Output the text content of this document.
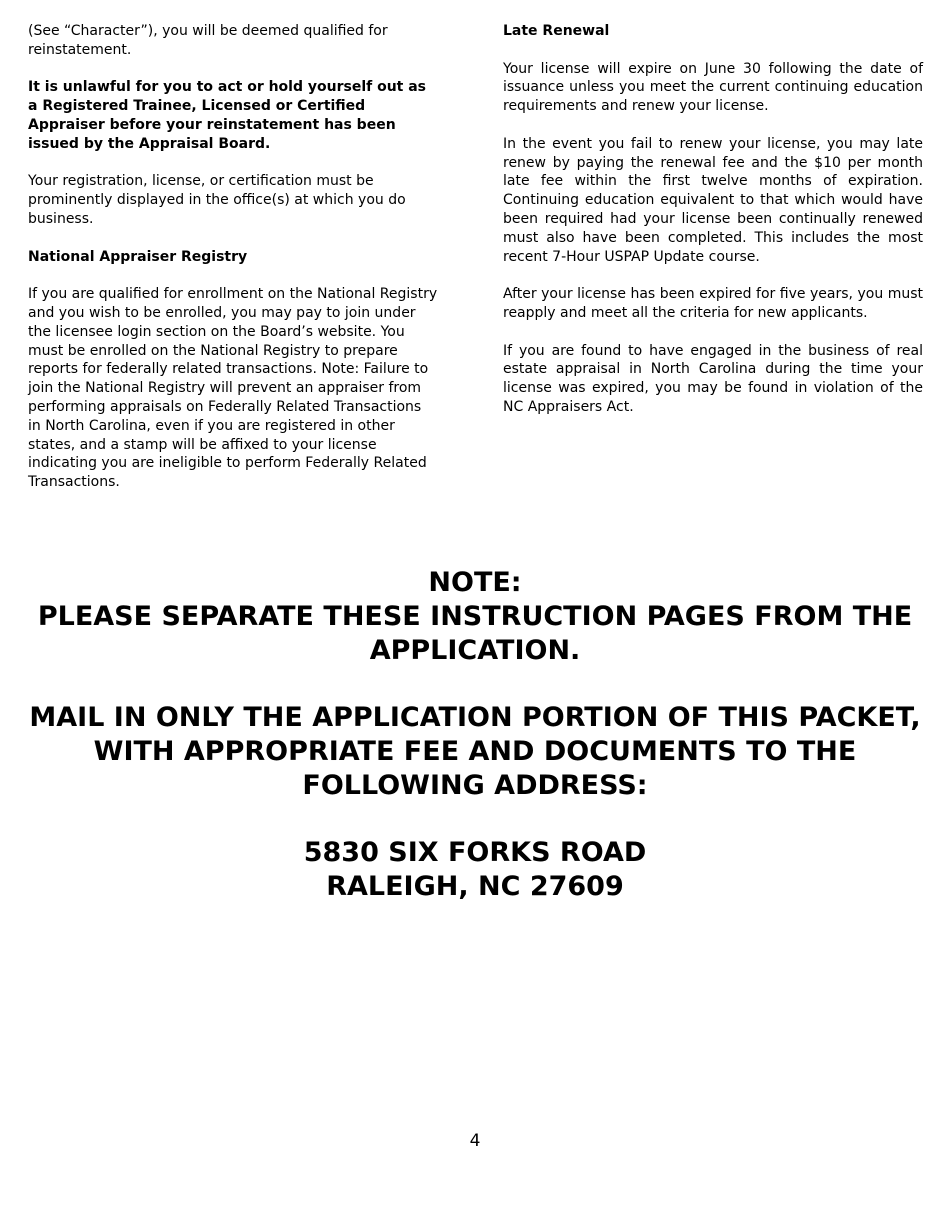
(See “Character”), you will be deemed qualified for reinstatement.

It is unlawful for you to act or hold yourself out as a Registered Trainee, Licensed or Certified Appraiser before your reinstatement has been issued by the Appraisal Board.

Your registration, license, or certification must be prominently displayed in the office(s) at which you do business.

National Appraiser Registry

If you are qualified for enrollment on the National Registry and you wish to be enrolled, you may pay to join under the licensee login section on the Board’s website. You must be enrolled on the National Registry to prepare reports for federally related transactions. Note: Failure to join the National Registry will prevent an appraiser from performing appraisals on Federally Related Transactions in North Carolina, even if you are registered in other states, and a stamp will be affixed to your license indicating you are ineligible to perform Federally Related Transactions.

Late Renewal

Your license will expire on June 30 following the date of issuance unless you meet the current continuing education requirements and renew your license.

In the event you fail to renew your license, you may late renew by paying the renewal fee and the $10 per month late fee within the first twelve months of expiration. Continuing education equivalent to that which would have been required had your license been continually renewed must also have been completed. This includes the most recent 7-Hour USPAP Update course.

After your license has been expired for five years, you must reapply and meet all the criteria for new applicants.

If you are found to have engaged in the business of real estate appraisal in North Carolina during the time your license was expired, you may be found in violation of the NC Appraisers Act.

NOTE:

PLEASE SEPARATE THESE INSTRUCTION PAGES FROM THE APPLICATION.

MAIL IN ONLY THE APPLICATION PORTION OF THIS PACKET, WITH APPROPRIATE FEE AND DOCUMENTS TO THE FOLLOWING ADDRESS:

5830 SIX FORKS ROAD
RALEIGH, NC 27609
4
